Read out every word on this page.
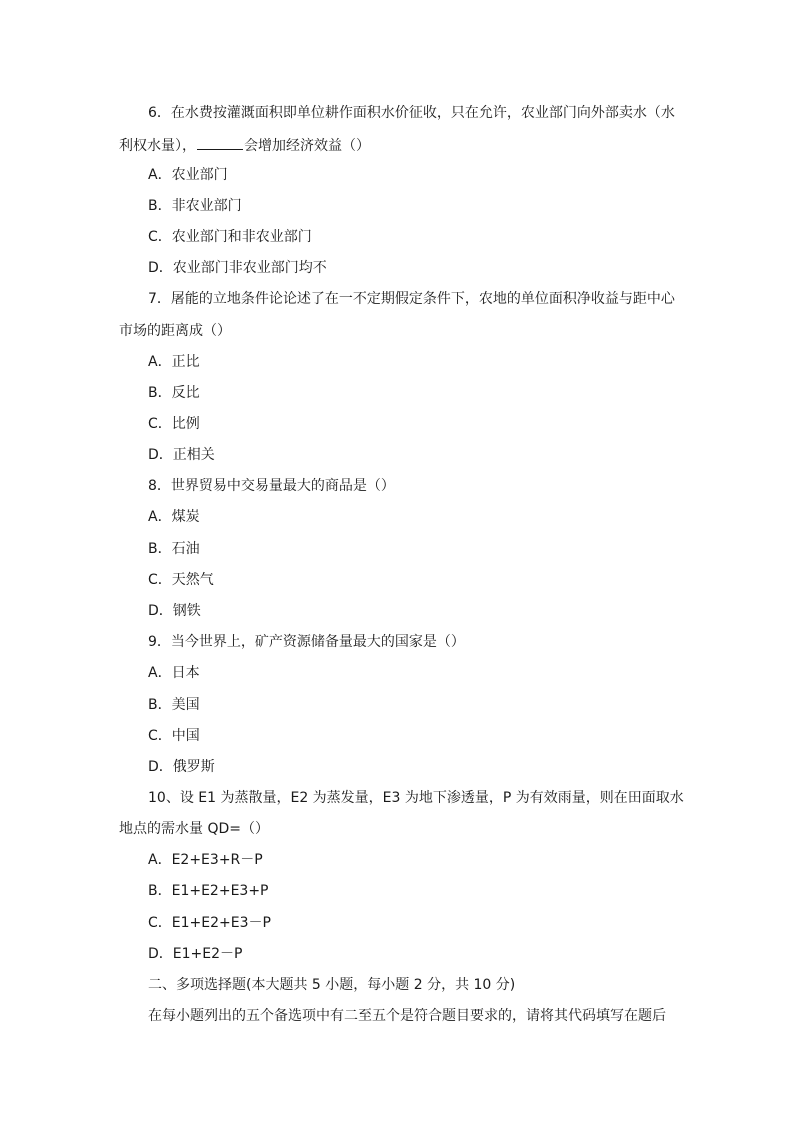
6．在水费按灌溉面积即单位耕作面积水价征收，只在允许，农业部门向外部卖水（水
利权水量），	会增加经济效益（）
A．农业部门
B．非农业部门
C．农业部门和非农业部门
D．农业部门非农业部门均不
7．屠能的立地条件论论述了在一不定期假定条件下，农地的单位面积净收益与距中心
市场的距离成（）
A．正比
B．反比
C．比例
D．正相关
8．世界贸易中交易量最大的商品是（）
A．煤炭
B．石油
C．天然气
D．钢铁
9．当今世界上，矿产资源储备量最大的国家是（）
A．日本
B．美国
C．中国
D．俄罗斯
10、设 E1 为蒸散量，E2 为蒸发量，E3 为地下渗透量，P 为有效雨量，则在田面取水
地点的需水量 QD=（）
A．E2+E3+R－P
B．E1+E2+E3+P
C．E1+E2+E3－P
D．E1+E2－P
二、多项选择题(本大题共 5 小题，每小题 2 分，共 10 分)
在每小题列出的五个备选项中有二至五个是符合题目要求的，请将其代码填写在题后
